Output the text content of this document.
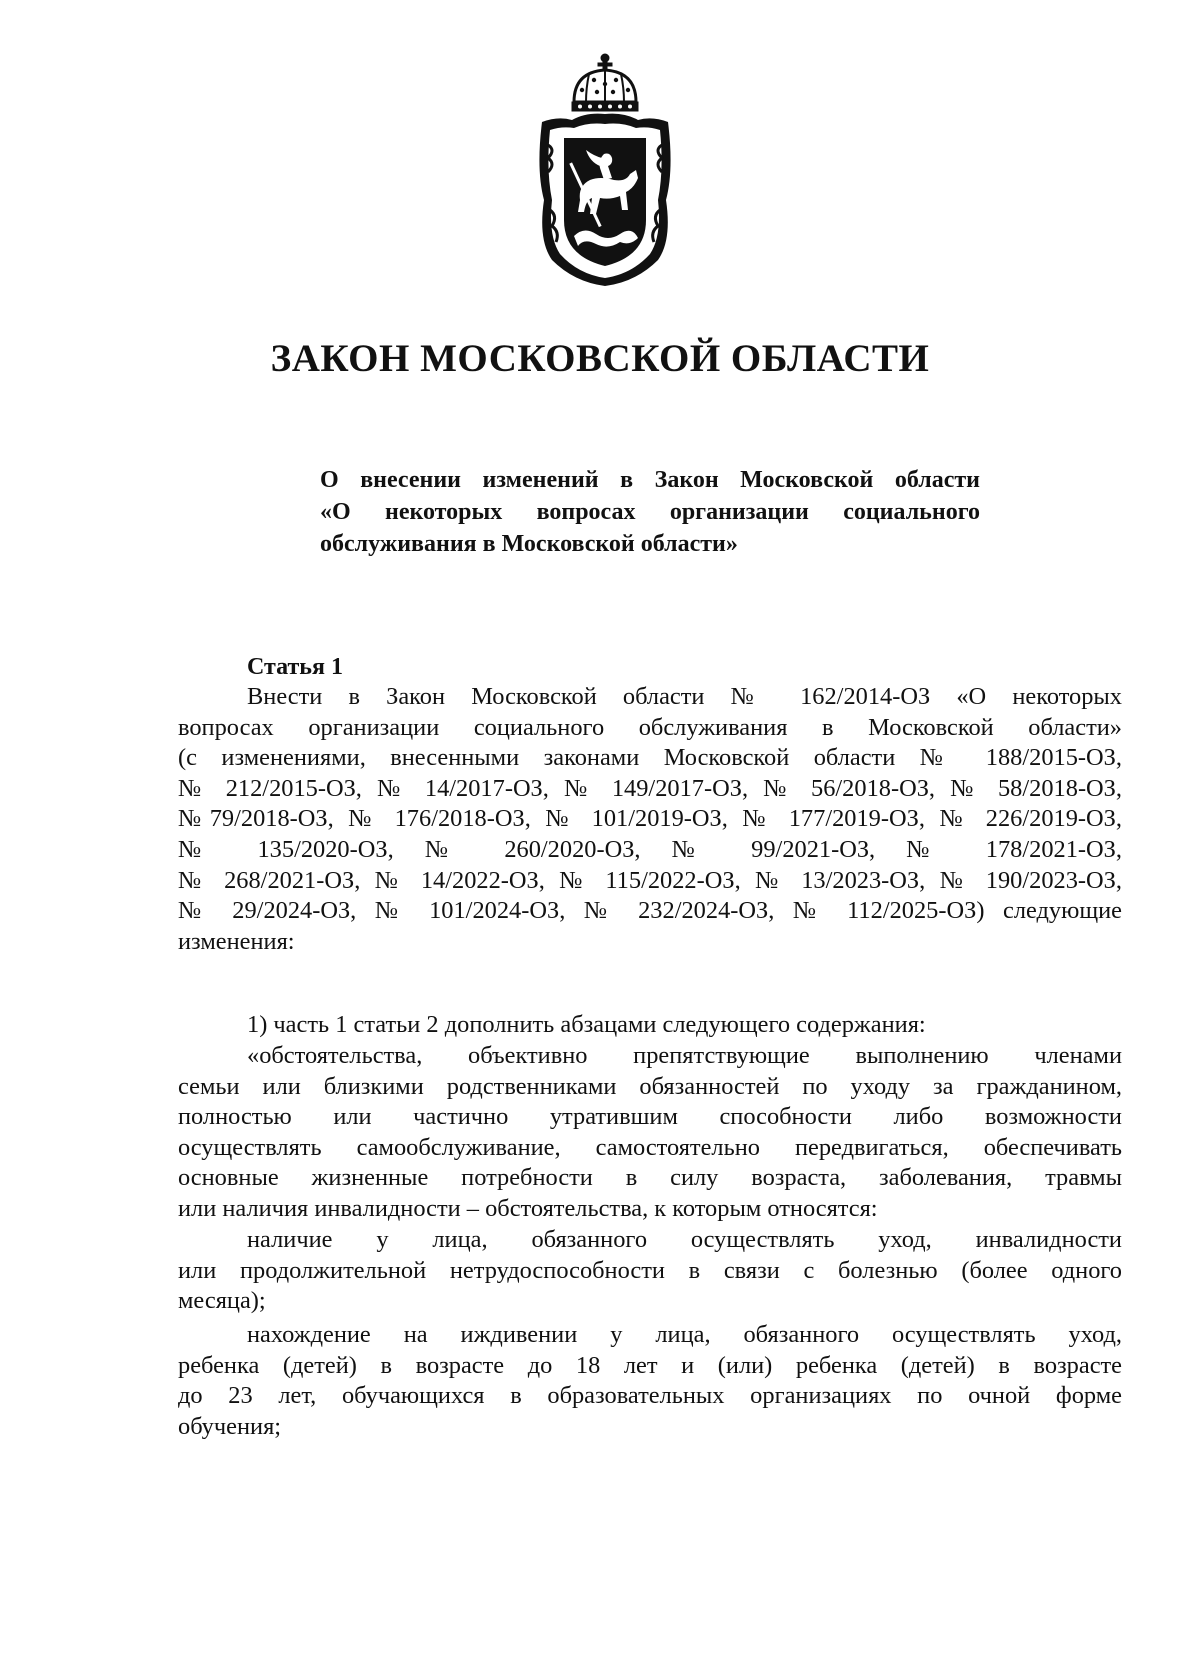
ЗАКОН МОСКОВСКОЙ ОБЛАСТИ
О внесении изменений в Закон Московской области
«О некоторых вопросах организации социального
обслуживания в Московской области»
Статья 1
Внести в Закон Московской области № 162/2014-ОЗ «О некоторых
вопросах организации социального обслуживания в Московской области»
(с изменениями, внесенными законами Московской области № 188/2015-ОЗ,
№ 212/2015-ОЗ, № 14/2017-ОЗ, № 149/2017-ОЗ, № 56/2018-ОЗ, № 58/2018-ОЗ,
№79/2018-ОЗ, № 176/2018-ОЗ, № 101/2019-ОЗ, № 177/2019-ОЗ, № 226/2019-ОЗ,
№ 135/2020-ОЗ, № 260/2020-ОЗ, № 99/2021-ОЗ, № 178/2021-ОЗ,
№ 268/2021-ОЗ, № 14/2022-ОЗ, № 115/2022-ОЗ, № 13/2023-ОЗ, № 190/2023-ОЗ,
№ 29/2024-ОЗ, № 101/2024-ОЗ, № 232/2024-ОЗ, № 112/2025-ОЗ) следующие
изменения:
1) часть 1 статьи 2 дополнить абзацами следующего содержания:
«обстоятельства, объективно препятствующие выполнению членами
семьи или близкими родственниками обязанностей по уходу за гражданином,
полностью или частично утратившим способности либо возможности
осуществлять самообслуживание, самостоятельно передвигаться, обеспечивать
основные жизненные потребности в силу возраста, заболевания, травмы
или наличия инвалидности – обстоятельства, к которым относятся:
наличие у лица, обязанного осуществлять уход, инвалидности
или продолжительной нетрудоспособности в связи с болезнью (более одного
месяца);
нахождение на иждивении у лица, обязанного осуществлять уход,
ребенка (детей) в возрасте до 18 лет и (или) ребенка (детей) в возрасте
до 23 лет, обучающихся в образовательных организациях по очной форме
обучения;
